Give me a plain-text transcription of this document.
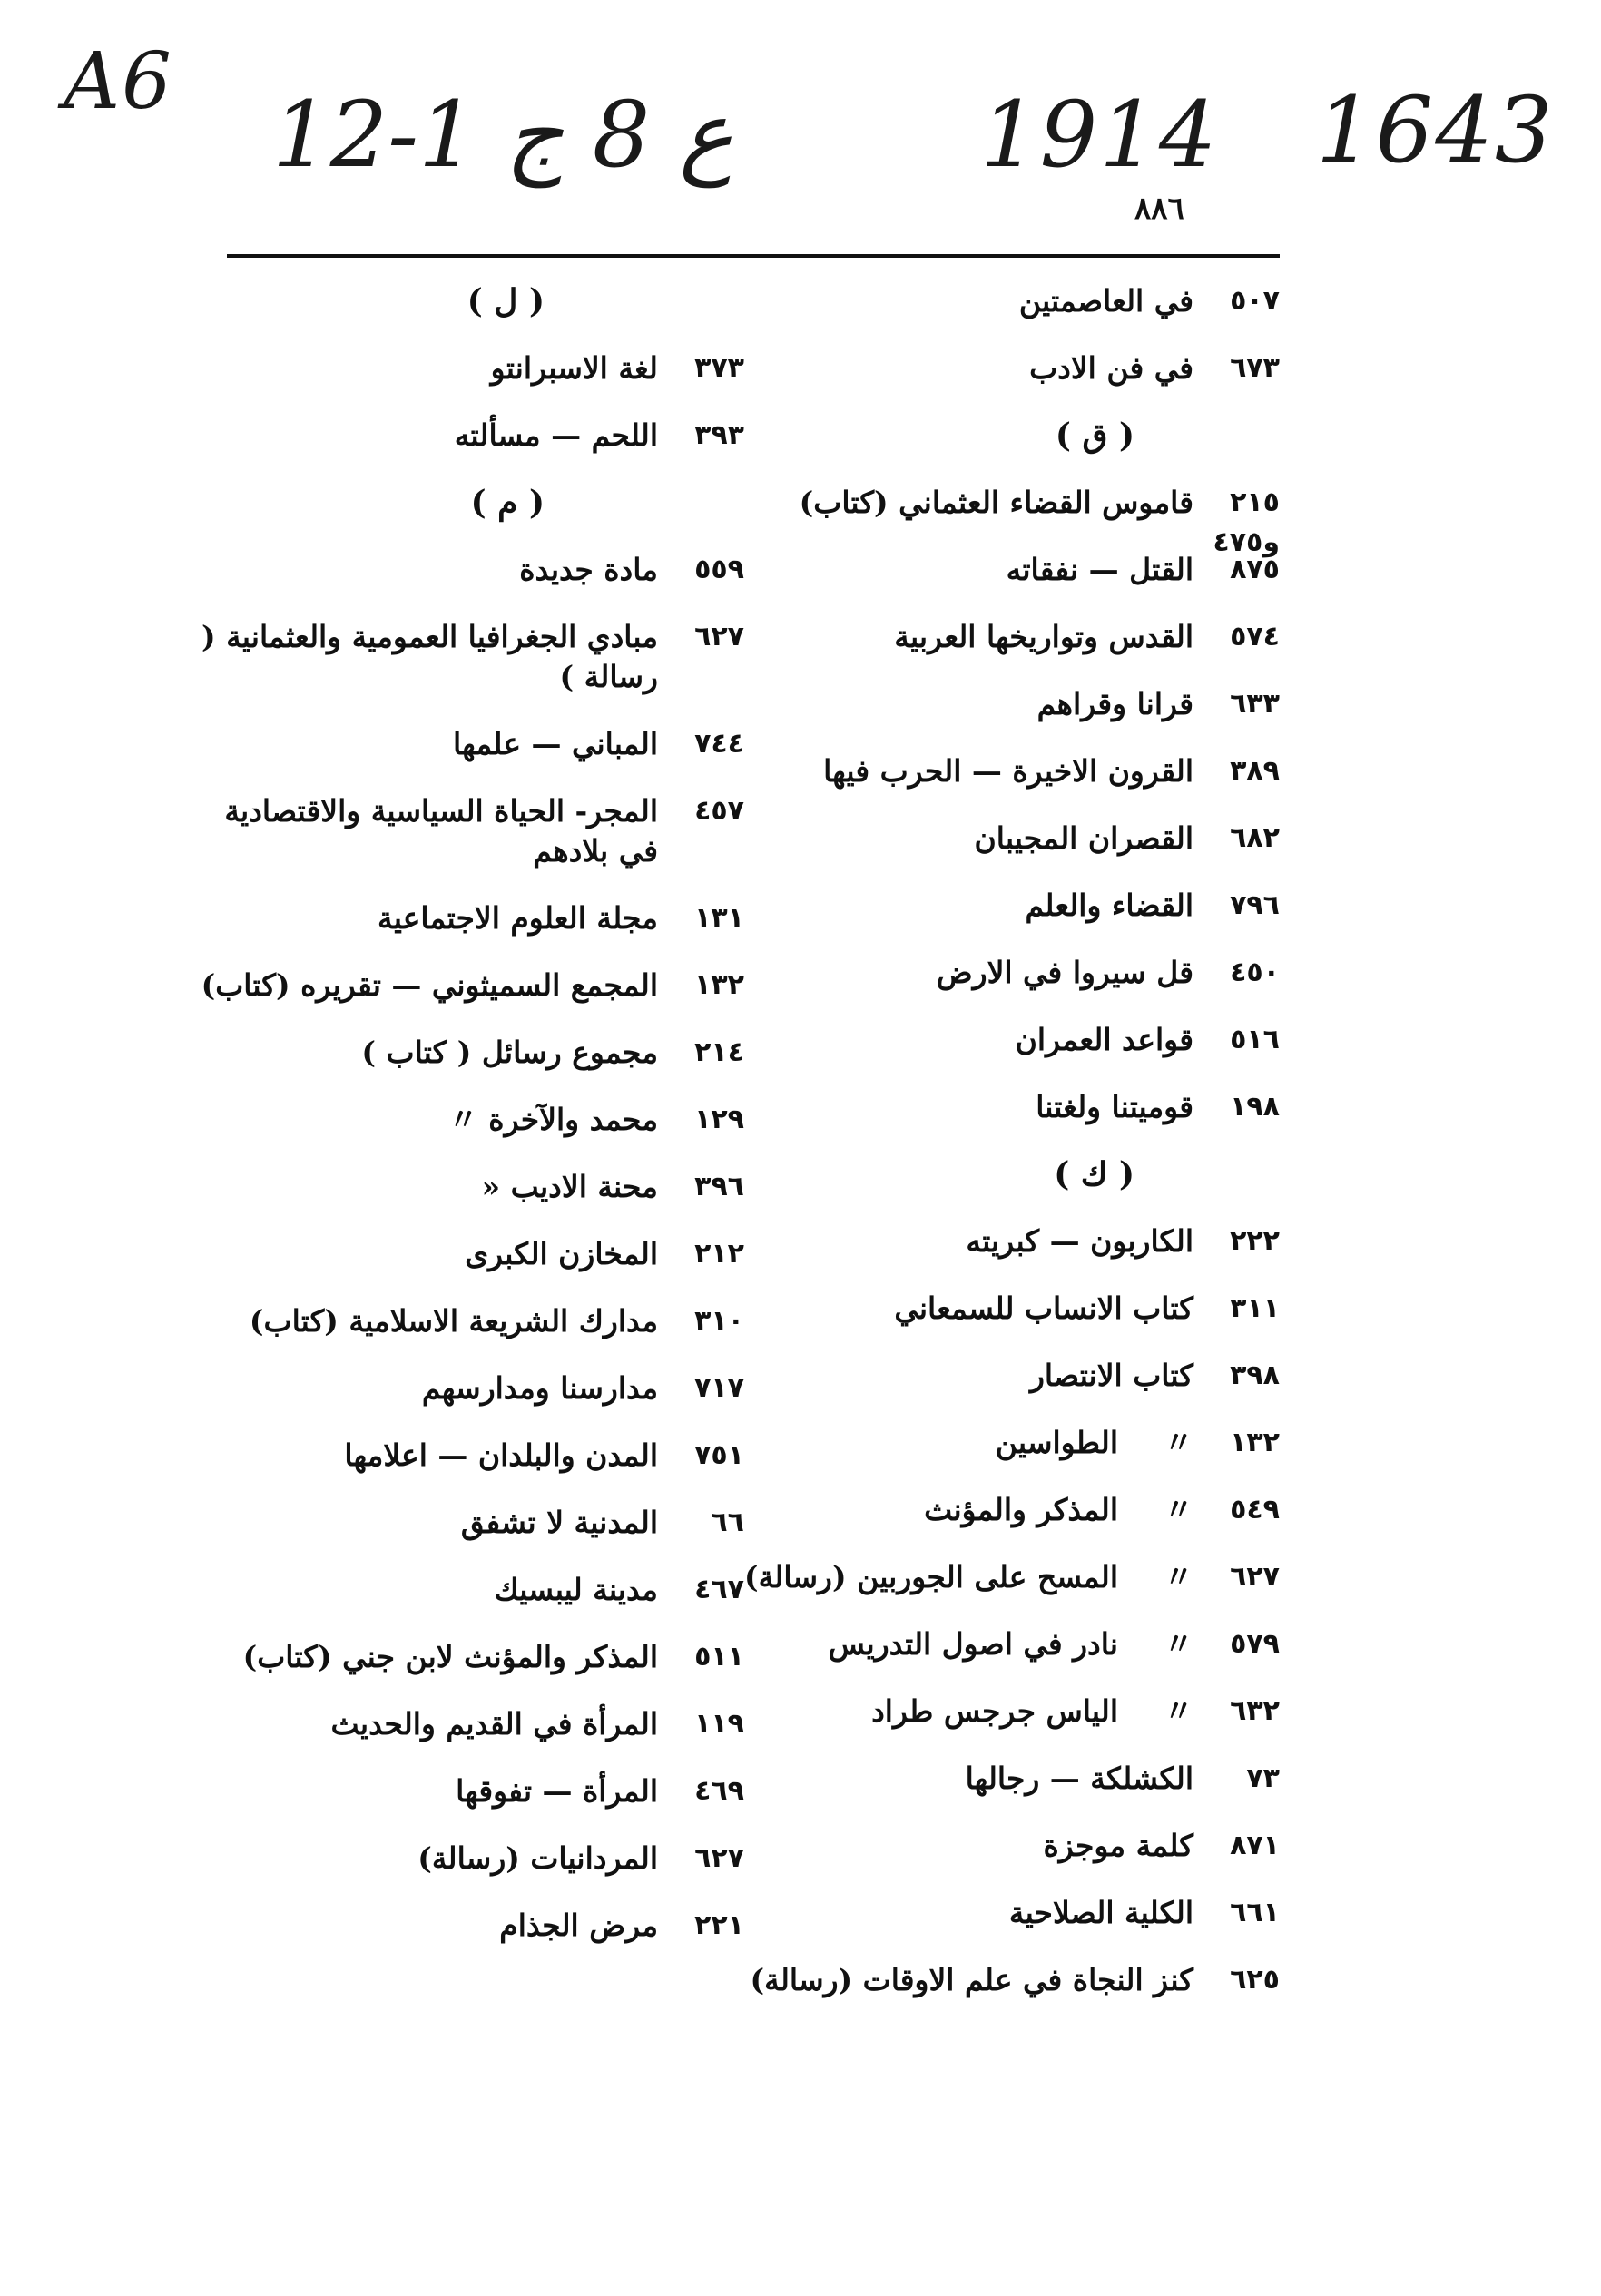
A6 12-1 ع 8 ج	1914 1643
٨٨٦
٥٠٧
في العاصمتين
٦٧٣
في فن الادب
( ق )
٢١٥ و٤٧٥
قاموس القضاء العثماني (كتاب)
٨٧٥
القتل — نفقاته
٥٧٤
القدس وتواريخها العربية
٦٣٣
قرانا وقراهم
٣٨٩
القرون الاخيرة — الحرب فيها
٦٨٢
القصران المجيبان
٧٩٦
القضاء والعلم
٤٥٠
قل سيروا في الارض
٥١٦
قواعد العمران
١٩٨
قوميتنا ولغتنا
( ك )
٢٢٢
الكاربون — كبريته
٣١١
كتاب الانساب للسمعاني
٣٩٨
كتاب الانتصار
١٣٢
〃
الطواسين
٥٤٩
〃
المذكر والمؤنث
٦٢٧
〃
المسح على الجوربين (رسالة)
٥٧٩
〃
نادر في اصول التدريس
٦٣٢
〃
الياس جرجس طراد
٧٣
الكشلكة — رجالها
٨٧١
كلمة موجزة
٦٦١
الكلية الصلاحية
٦٢٥
كنز النجاة في علم الاوقات (رسالة)
( ل )
٣٧٣
لغة الاسبرانتو
٣٩٣
اللحم — مسألته
( م )
٥٥٩
مادة جديدة
٦٢٧
مبادي الجغرافيا العمومية والعثمانية ( رسالة )
٧٤٤
المباني — علمها
٤٥٧
المجر- الحياة السياسية والاقتصادية في بلادهم
١٣١
مجلة العلوم الاجتماعية
١٣٢
المجمع السميثوني — تقريره (كتاب)
٢١٤
مجموع رسائل ( كتاب )
١٢٩
محمد والآخرة 〃
٣٩٦
محنة الاديب «
٢١٢
المخازن الكبرى
٣١٠
مدارك الشريعة الاسلامية (كتاب)
٧١٧
مدارسنا ومدارسهم
٧٥١
المدن والبلدان — اعلامها
٦٦
المدنية لا تشفق
٤٦٧
مدينة ليبسيك
٥١١
المذكر والمؤنث لابن جني (كتاب)
١١٩
المرأة في القديم والحديث
٤٦٩
المرأة — تفوقها
٦٢٧
المردانيات (رسالة)
٢٢١
مرض الجذام
